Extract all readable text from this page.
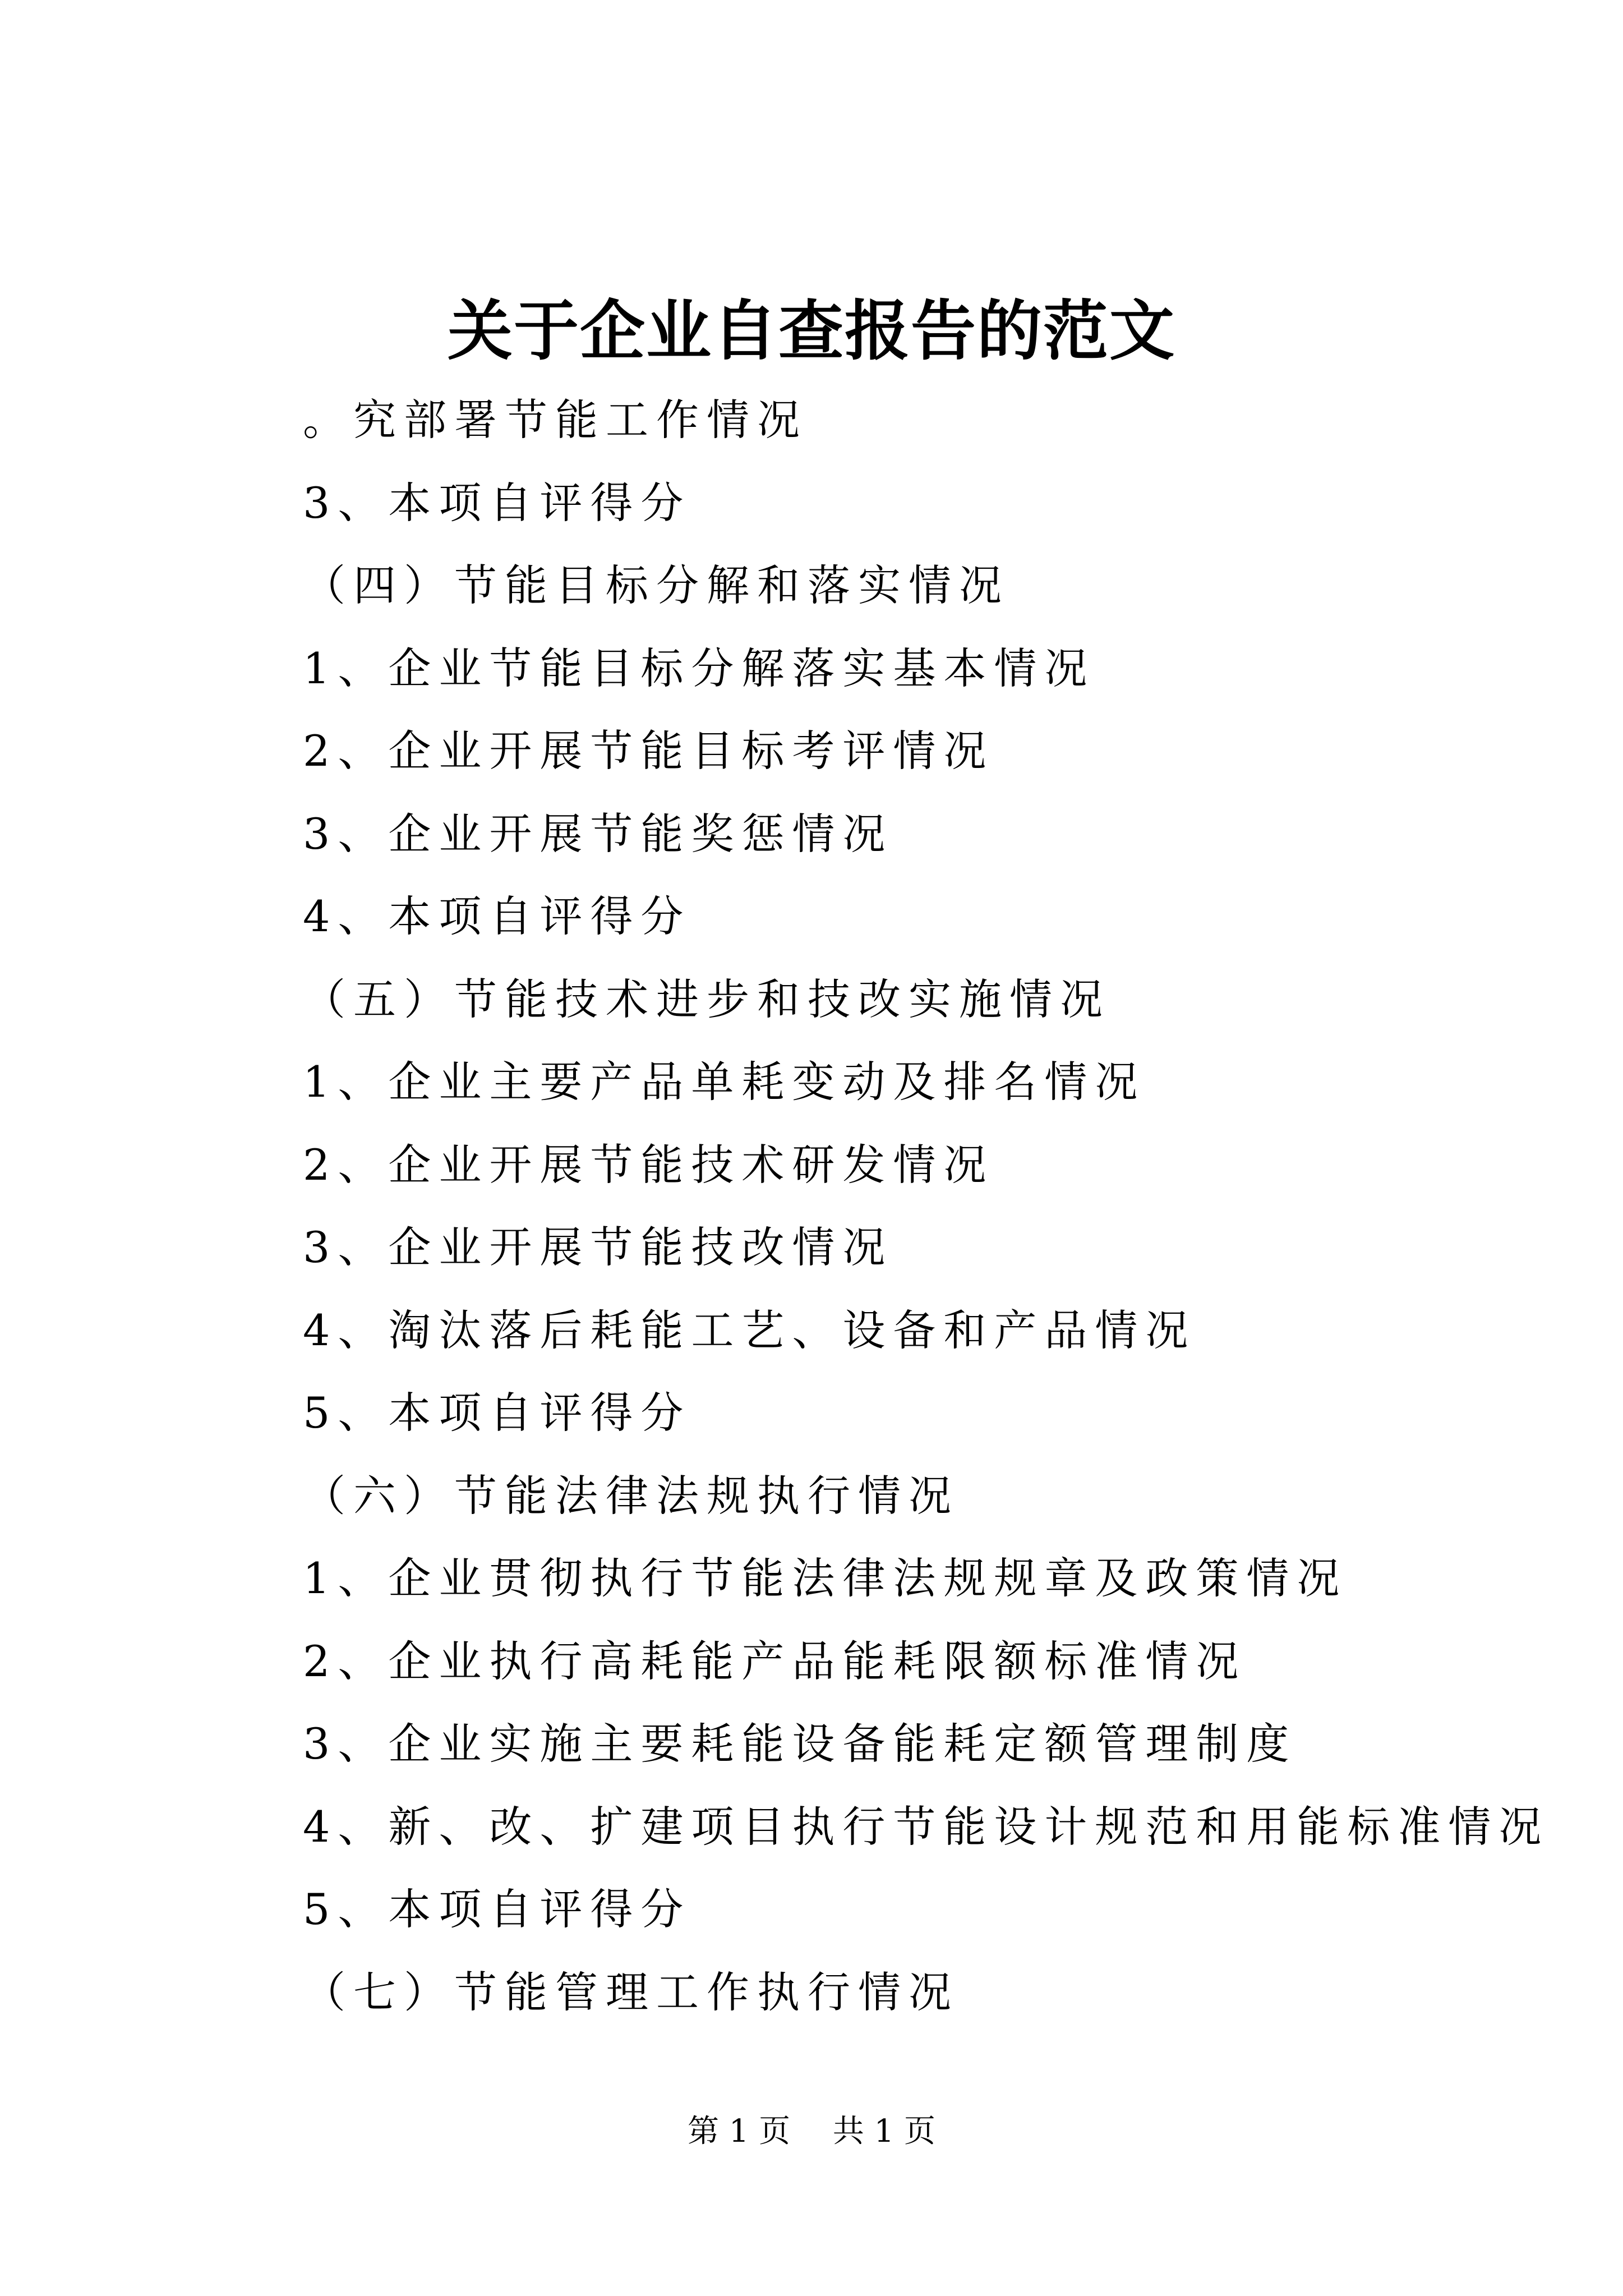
关于企业自查报告的范文
。究部署节能工作情况
3、本项自评得分
（四）节能目标分解和落实情况
1、企业节能目标分解落实基本情况
2、企业开展节能目标考评情况
3、企业开展节能奖惩情况
4、本项自评得分
（五）节能技术进步和技改实施情况
1、企业主要产品单耗变动及排名情况
2、企业开展节能技术研发情况
3、企业开展节能技改情况
4、淘汰落后耗能工艺、设备和产品情况
5、本项自评得分
（六）节能法律法规执行情况
1、企业贯彻执行节能法律法规规章及政策情况
2、企业执行高耗能产品能耗限额标准情况
3、企业实施主要耗能设备能耗定额管理制度
4、新、改、扩建项目执行节能设计规范和用能标准情况
5、本项自评得分
（七）节能管理工作执行情况
第 1 页 共 1 页
